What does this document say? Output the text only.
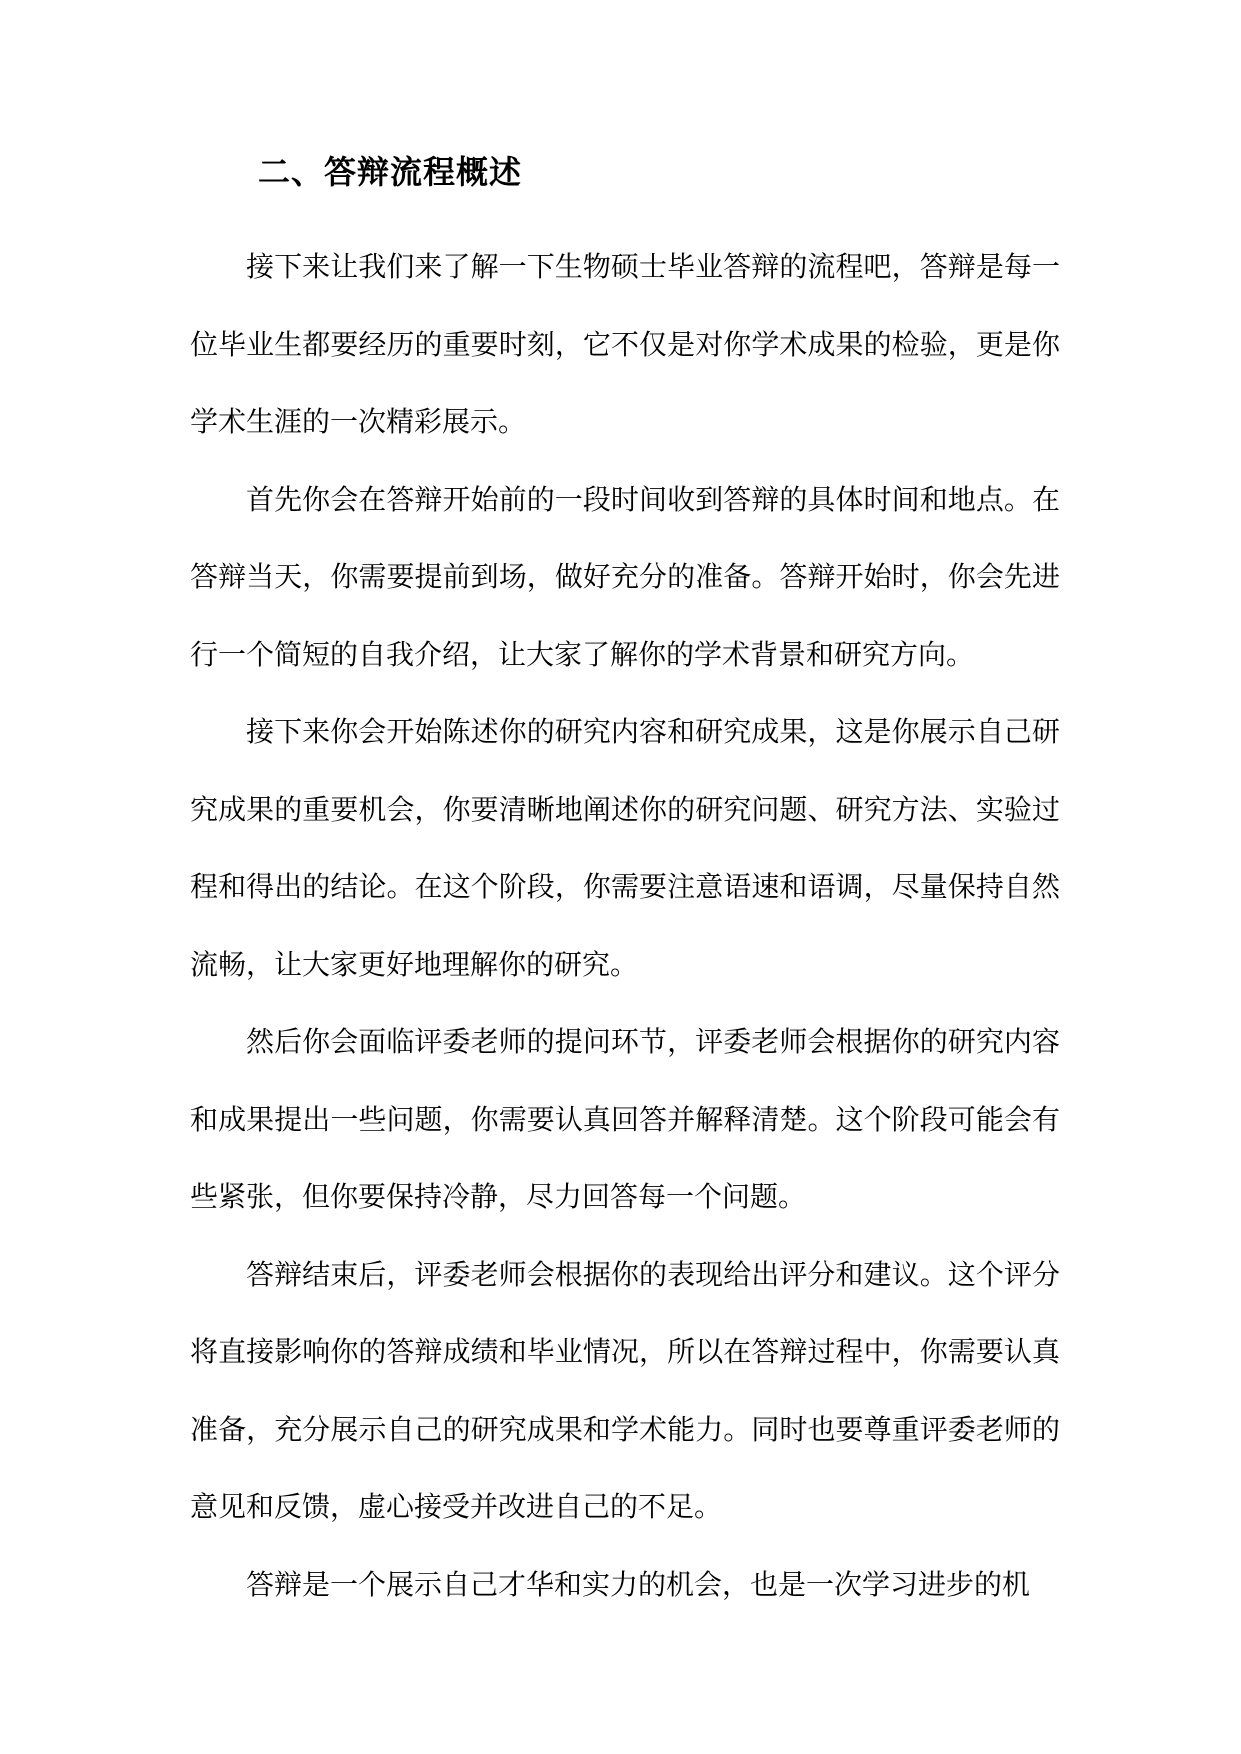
二、答辩流程概述

接下来让我们来了解一下生物硕士毕业答辩的流程吧，答辩是每一位毕业生都要经历的重要时刻，它不仅是对你学术成果的检验，更是你学术生涯的一次精彩展示。

首先你会在答辩开始前的一段时间收到答辩的具体时间和地点。在答辩当天，你需要提前到场，做好充分的准备。答辩开始时，你会先进行一个简短的自我介绍，让大家了解你的学术背景和研究方向。

接下来你会开始陈述你的研究内容和研究成果，这是你展示自己研究成果的重要机会，你要清晰地阐述你的研究问题、研究方法、实验过程和得出的结论。在这个阶段，你需要注意语速和语调，尽量保持自然流畅，让大家更好地理解你的研究。

然后你会面临评委老师的提问环节，评委老师会根据你的研究内容和成果提出一些问题，你需要认真回答并解释清楚。这个阶段可能会有些紧张，但你要保持冷静，尽力回答每一个问题。

答辩结束后，评委老师会根据你的表现给出评分和建议。这个评分将直接影响你的答辩成绩和毕业情况，所以在答辩过程中，你需要认真准备，充分展示自己的研究成果和学术能力。同时也要尊重评委老师的意见和反馈，虚心接受并改进自己的不足。

答辩是一个展示自己才华和实力的机会，也是一次学习进步的机
